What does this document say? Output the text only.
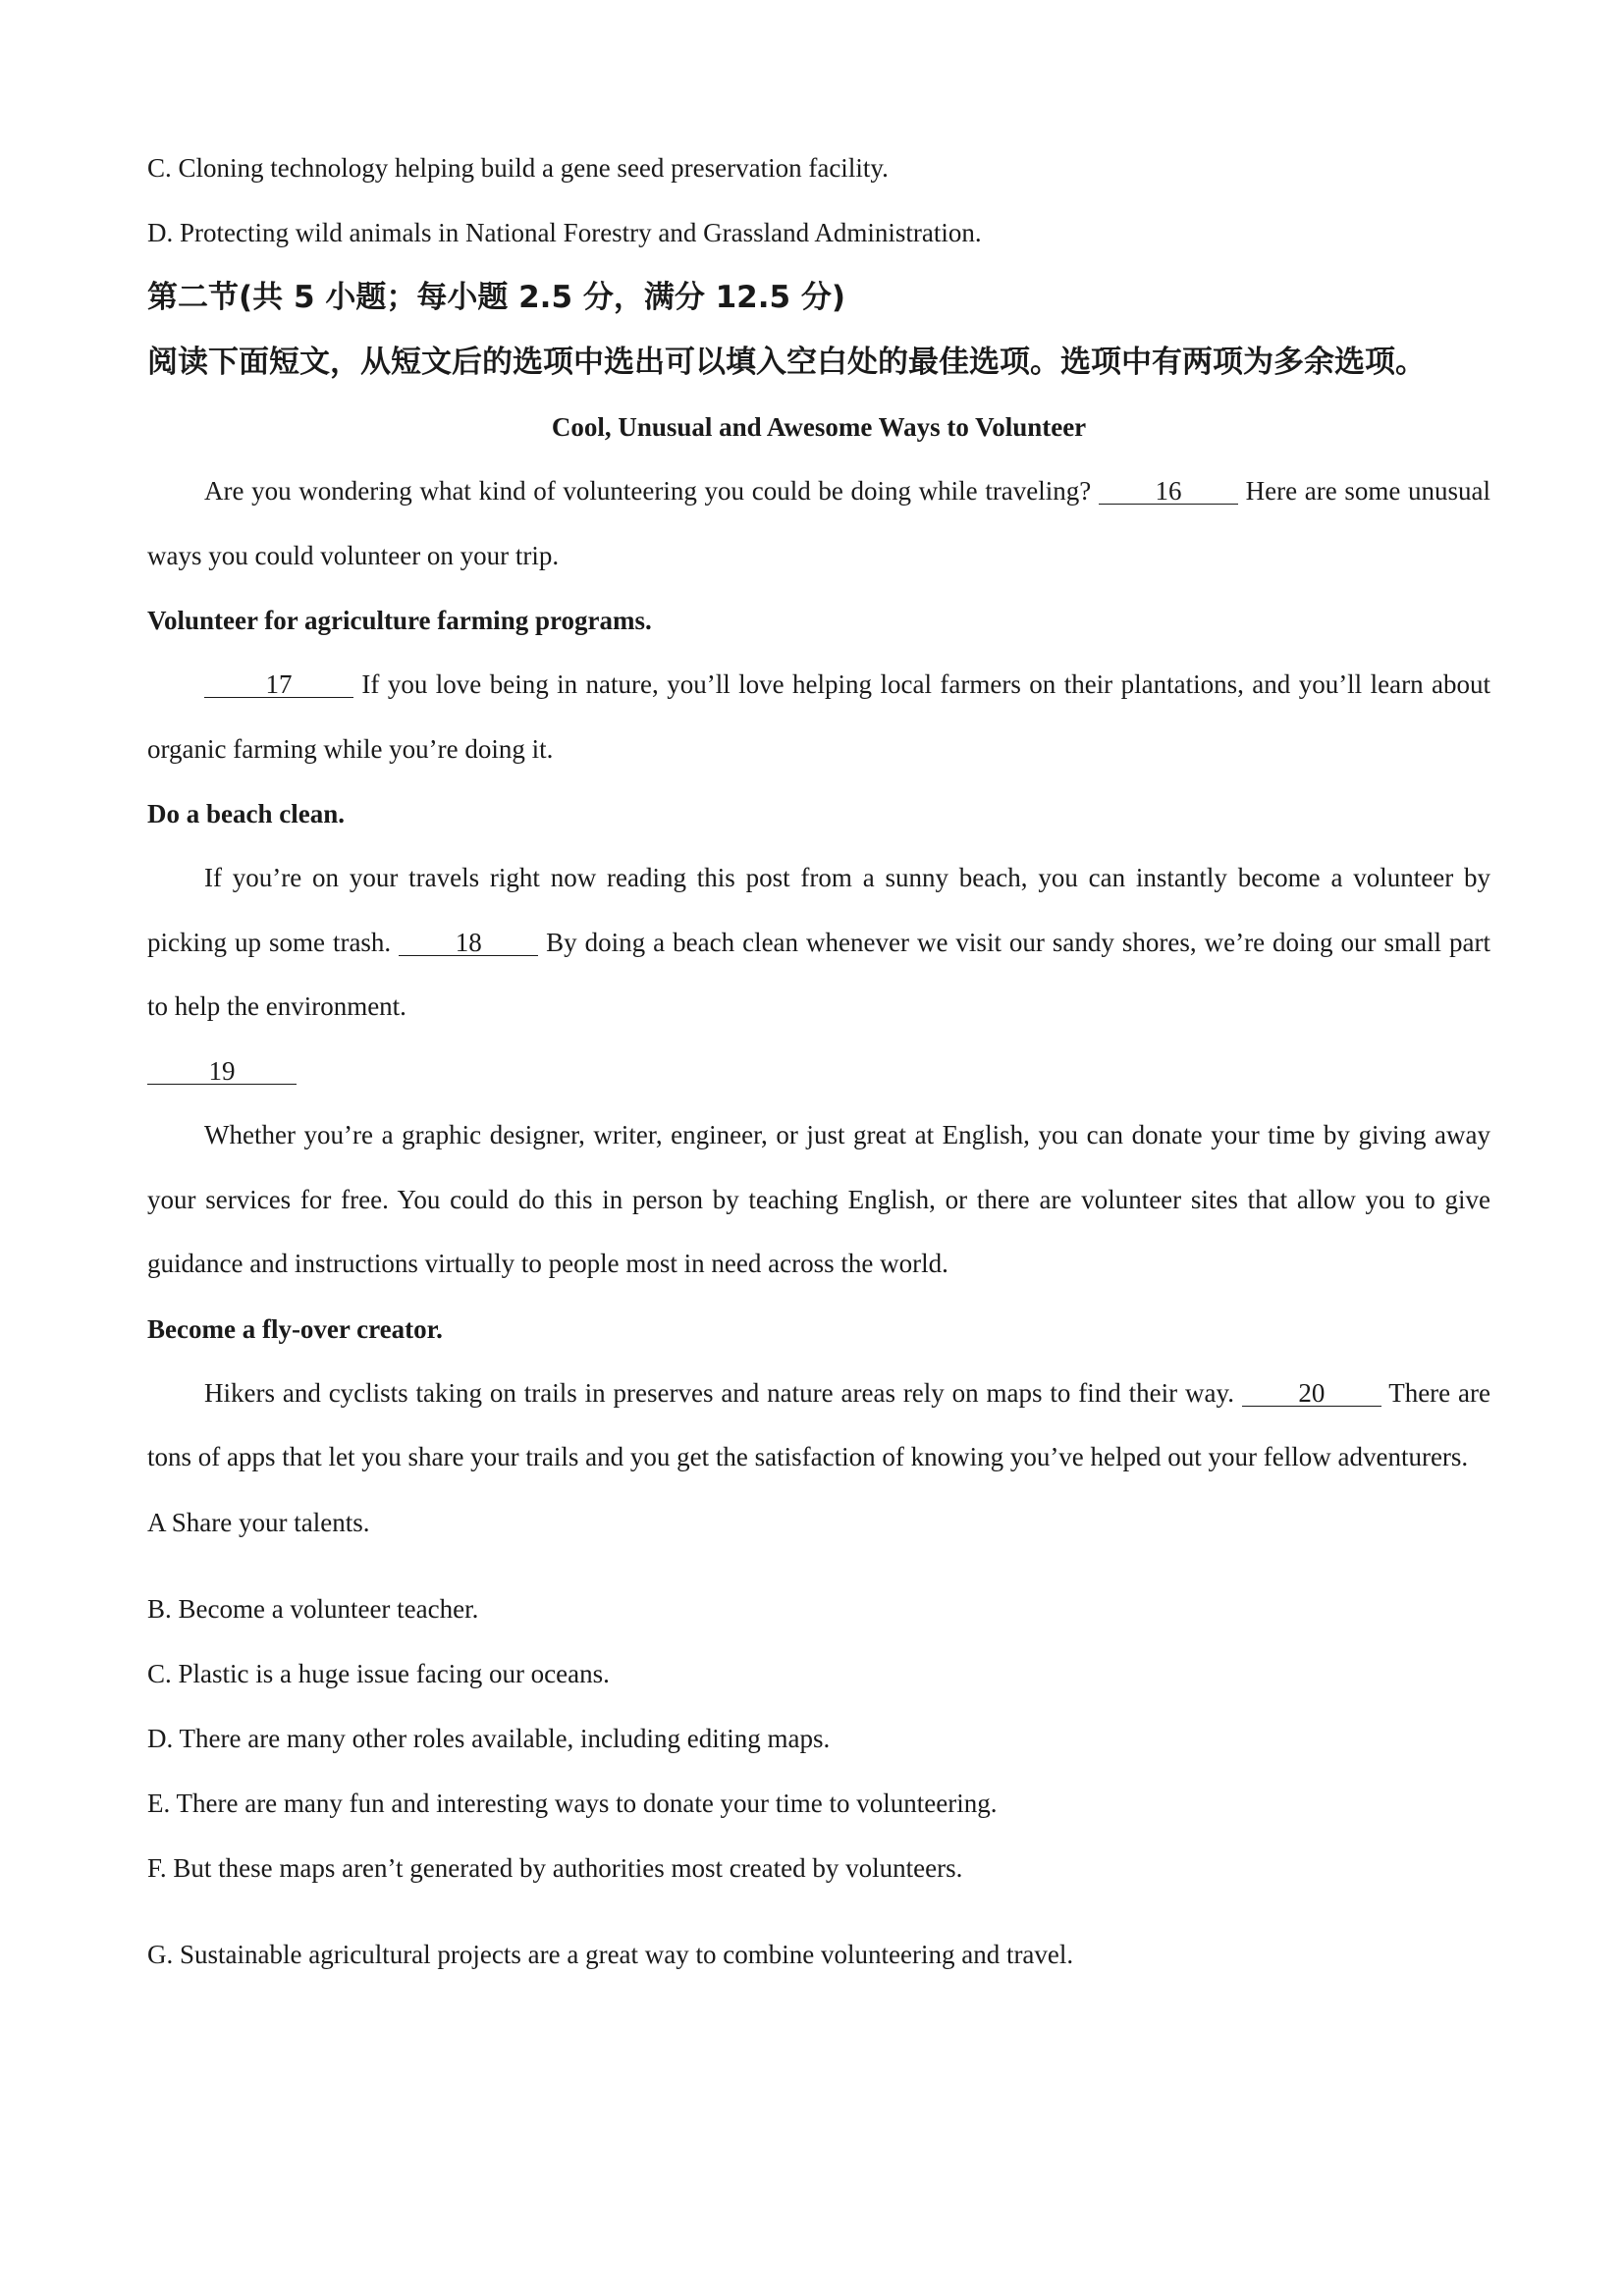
C. Cloning technology helping build a gene seed preservation facility.

D. Protecting wild animals in National Forestry and Grassland Administration.

第二节(共 5 小题；每小题 2.5 分，满分 12.5 分)

阅读下面短文，从短文后的选项中选出可以填入空白处的最佳选项。选项中有两项为多余选项。

Cool, Unusual and Awesome Ways to Volunteer

Are you wondering what kind of volunteering you could be doing while traveling? 16 Here are some unusual ways you could volunteer on your trip.

Volunteer for agriculture farming programs.

17 If you love being in nature, you’ll love helping local farmers on their plantations, and you’ll learn about organic farming while you’re doing it.

Do a beach clean.

If you’re on your travels right now reading this post from a sunny beach, you can instantly become a volunteer by picking up some trash. 18 By doing a beach clean whenever we visit our sandy shores, we’re doing our small part to help the environment.

19

Whether you’re a graphic designer, writer, engineer, or just great at English, you can donate your time by giving away your services for free. You could do this in person by teaching English, or there are volunteer sites that allow you to give guidance and instructions virtually to people most in need across the world.

Become a fly-over creator.

Hikers and cyclists taking on trails in preserves and nature areas rely on maps to find their way. 20 There are tons of apps that let you share your trails and you get the satisfaction of knowing you’ve helped out your fellow adventurers.

A Share your talents.

B. Become a volunteer teacher.

C. Plastic is a huge issue facing our oceans.

D. There are many other roles available, including editing maps.

E. There are many fun and interesting ways to donate your time to volunteering.

F. But these maps aren’t generated by authorities most created by volunteers.

G. Sustainable agricultural projects are a great way to combine volunteering and travel.
